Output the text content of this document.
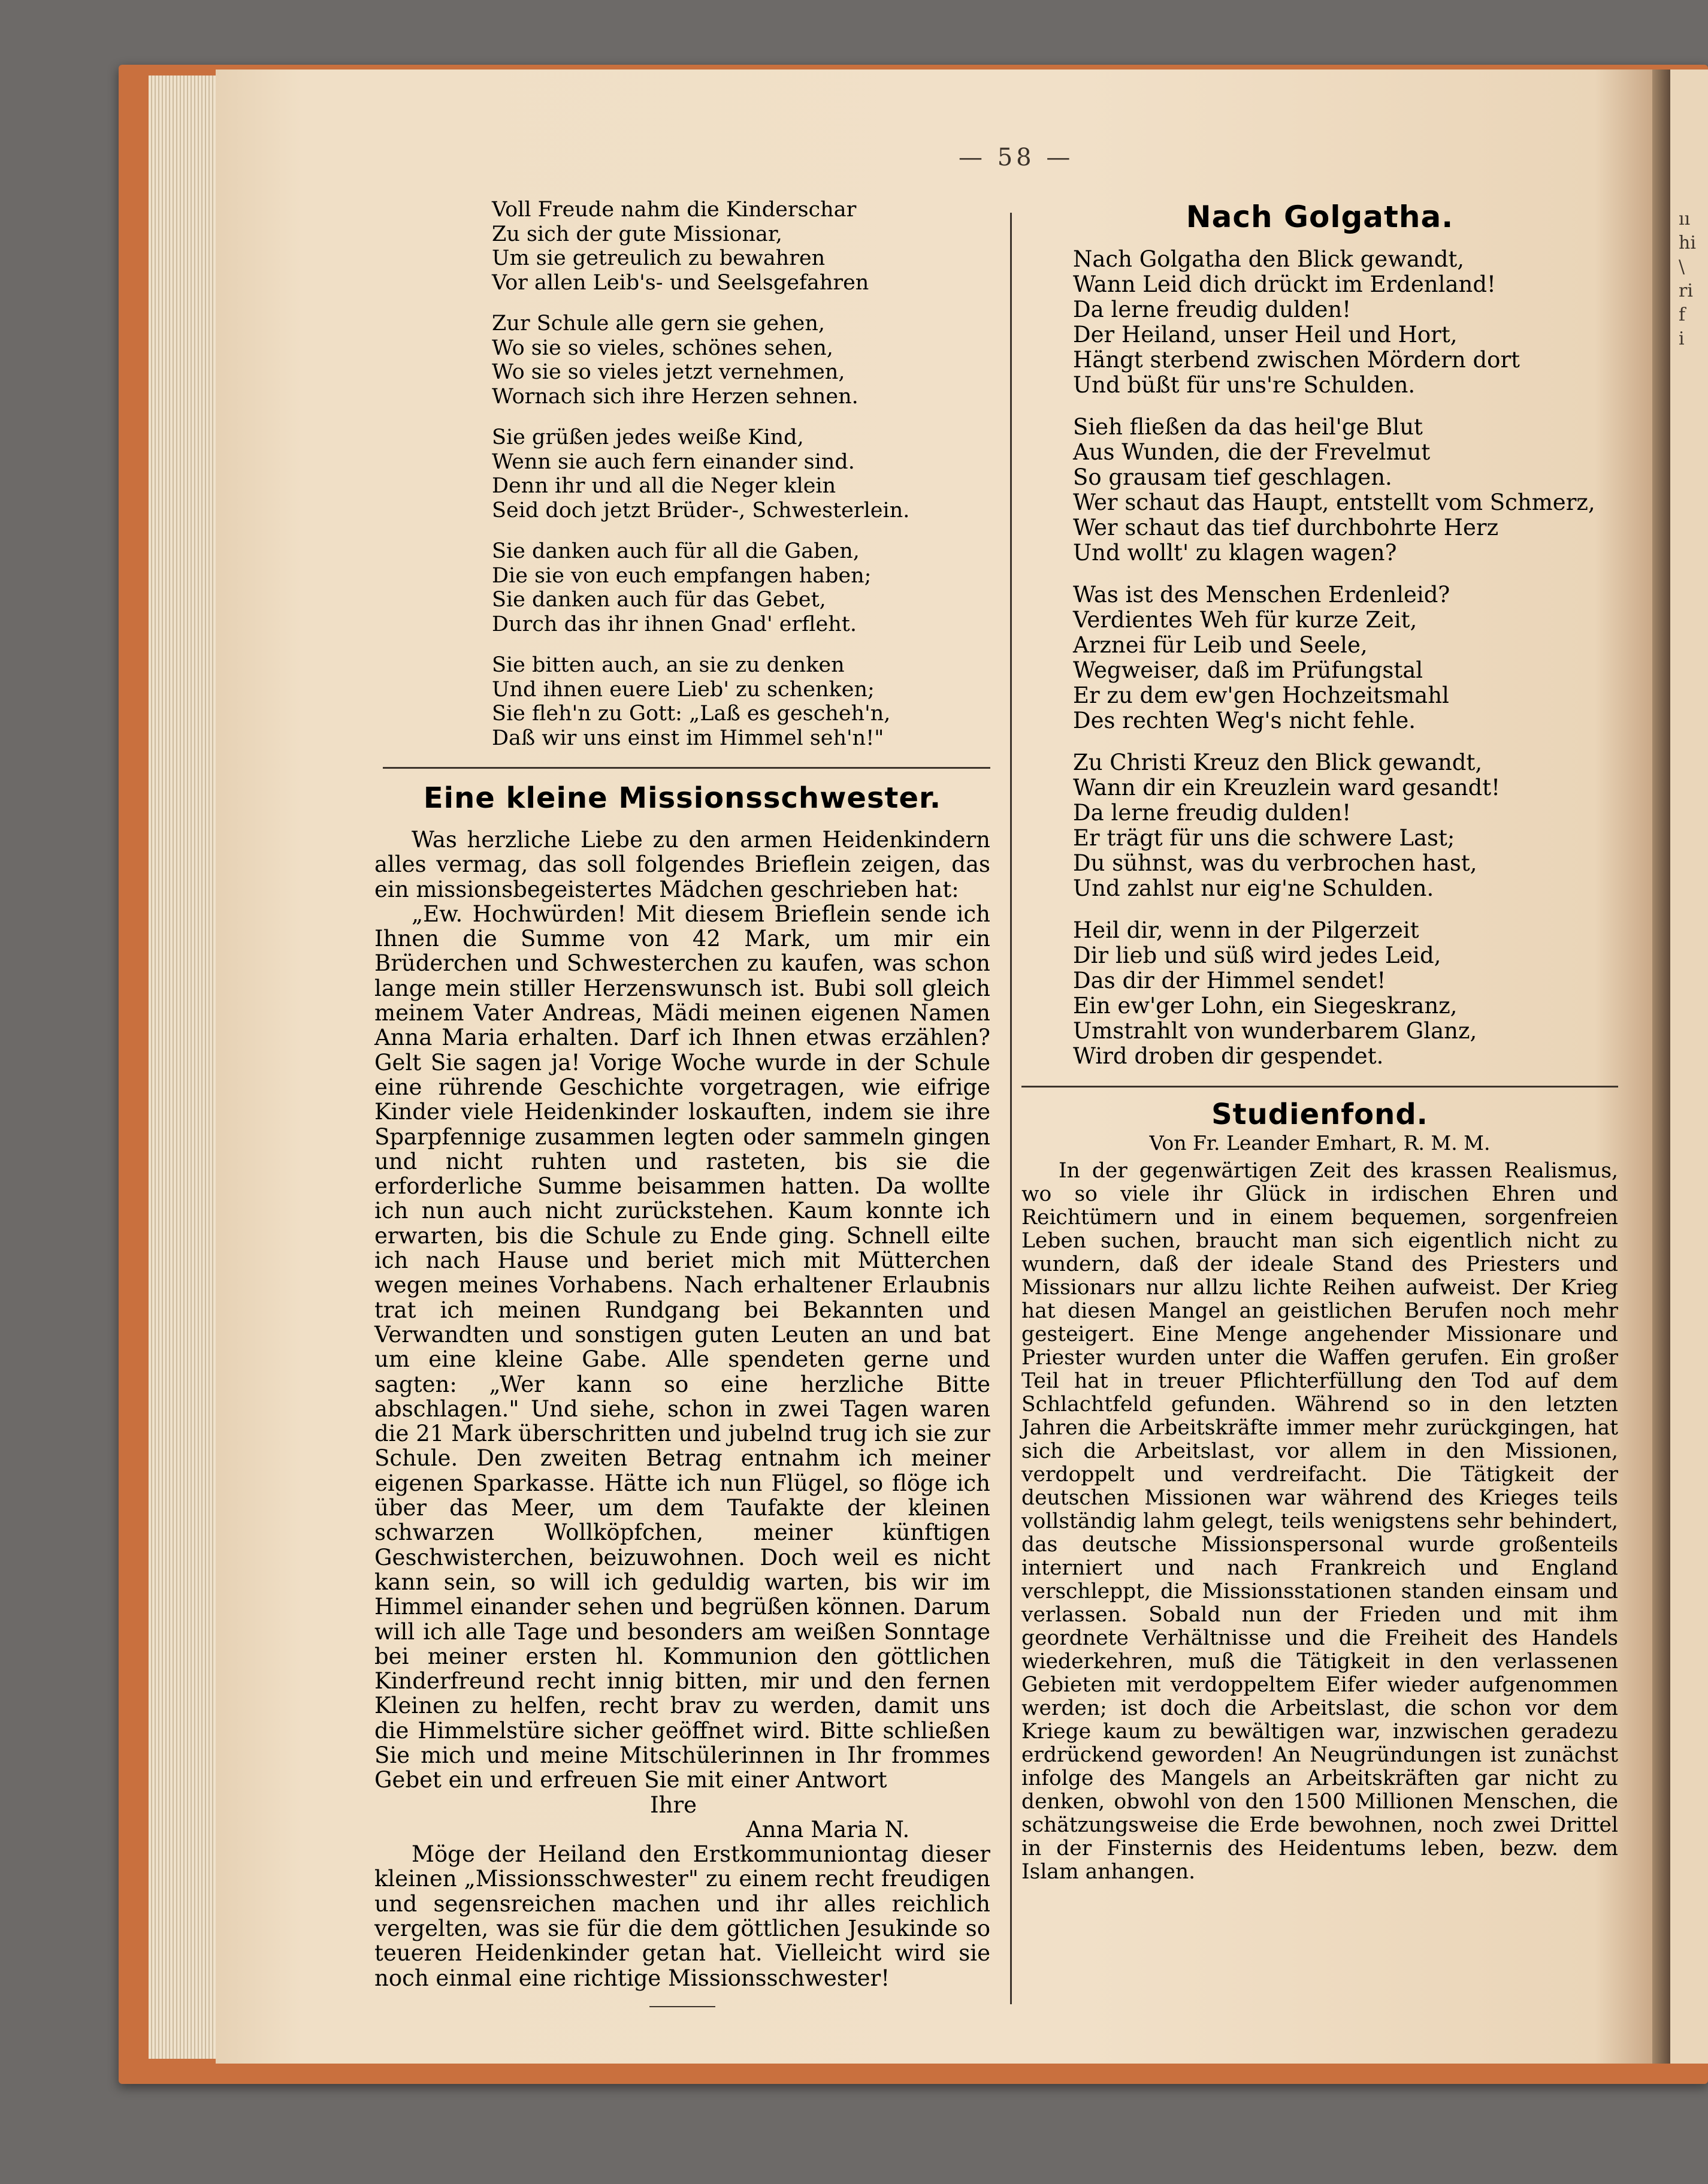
ıı
hi
\
ri
f
i
— 58 —
Voll Freude nahm die Kinderschar
Zu sich der gute Missionar,
Um sie getreulich zu bewahren
Vor allen Leib's- und Seelsgefahren
Zur Schule alle gern sie gehen,
Wo sie so vieles, schönes sehen,
Wo sie so vieles jetzt vernehmen,
Wornach sich ihre Herzen sehnen.
Sie grüßen jedes weiße Kind,
Wenn sie auch fern einander sind.
Denn ihr und all die Neger klein
Seid doch jetzt Brüder-, Schwesterlein.
Sie danken auch für all die Gaben,
Die sie von euch empfangen haben;
Sie danken auch für das Gebet,
Durch das ihr ihnen Gnad' erfleht.
Sie bitten auch, an sie zu denken
Und ihnen euere Lieb' zu schenken;
Sie fleh'n zu Gott: „Laß es gescheh'n,
Daß wir uns einst im Himmel seh'n!"
Eine kleine Missionsschwester.

Was herzliche Liebe zu den armen Heidenkindern alles vermag, das soll folgendes Brieflein zeigen, das ein missionsbegeistertes Mädchen geschrieben hat:

„Ew. Hochwürden! Mit diesem Brieflein sende ich Ihnen die Summe von 42 Mark, um mir ein Brüderchen und Schwesterchen zu kaufen, was schon lange mein stiller Herzenswunsch ist. Bubi soll gleich meinem Vater Andreas, Mädi meinen eigenen Namen Anna Maria erhalten. Darf ich Ihnen etwas erzählen? Gelt Sie sagen ja! Vorige Woche wurde in der Schule eine rührende Geschichte vorgetragen, wie eifrige Kinder viele Heidenkinder loskauften, indem sie ihre Sparpfennige zusammen legten oder sammeln gingen und nicht ruhten und rasteten, bis sie die erforderliche Summe beisammen hatten. Da wollte ich nun auch nicht zurückstehen. Kaum konnte ich erwarten, bis die Schule zu Ende ging. Schnell eilte ich nach Hause und beriet mich mit Mütterchen wegen meines Vorhabens. Nach erhaltener Erlaubnis trat ich meinen Rundgang bei Bekannten und Verwandten und sonstigen guten Leuten an und bat um eine kleine Gabe. Alle spendeten gerne und sagten: „Wer kann so eine herzliche Bitte abschlagen." Und siehe, schon in zwei Tagen waren die 21 Mark überschritten und jubelnd trug ich sie zur Schule. Den zweiten Betrag entnahm ich meiner eigenen Sparkasse. Hätte ich nun Flügel, so flöge ich über das Meer, um dem Taufakte der kleinen schwarzen Wollköpfchen, meiner künftigen Geschwisterchen, beizuwohnen. Doch weil es nicht kann sein, so will ich geduldig warten, bis wir im Himmel einander sehen und begrüßen können. Darum will ich alle Tage und besonders am weißen Sonntage bei meiner ersten hl. Kommunion den göttlichen Kinderfreund recht innig bitten, mir und den fernen Kleinen zu helfen, recht brav zu werden, damit uns die Himmelstüre sicher geöffnet wird. Bitte schließen Sie mich und meine Mitschülerinnen in Ihr frommes Gebet ein und erfreuen Sie mit einer Antwort

Ihre

Anna Maria N.

Möge der Heiland den Erstkommuniontag dieser kleinen „Missionsschwester" zu einem recht freudigen und segensreichen machen und ihr alles reichlich vergelten, was sie für die dem göttlichen Jesukinde so teueren Heidenkinder getan hat. Vielleicht wird sie noch einmal eine richtige Missionsschwester!

Nach Golgatha.
Nach Golgatha den Blick gewandt,
Wann Leid dich drückt im Erdenland!
Da lerne freudig dulden!
Der Heiland, unser Heil und Hort,
Hängt sterbend zwischen Mördern dort
Und büßt für uns're Schulden.
Sieh fließen da das heil'ge Blut
Aus Wunden, die der Frevelmut
So grausam tief geschlagen.
Wer schaut das Haupt, entstellt vom Schmerz,
Wer schaut das tief durchbohrte Herz
Und wollt' zu klagen wagen?
Was ist des Menschen Erdenleid?
Verdientes Weh für kurze Zeit,
Arznei für Leib und Seele,
Wegweiser, daß im Prüfungstal
Er zu dem ew'gen Hochzeitsmahl
Des rechten Weg's nicht fehle.
Zu Christi Kreuz den Blick gewandt,
Wann dir ein Kreuzlein ward gesandt!
Da lerne freudig dulden!
Er trägt für uns die schwere Last;
Du sühnst, was du verbrochen hast,
Und zahlst nur eig'ne Schulden.
Heil dir, wenn in der Pilgerzeit
Dir lieb und süß wird jedes Leid,
Das dir der Himmel sendet!
Ein ew'ger Lohn, ein Siegeskranz,
Umstrahlt von wunderbarem Glanz,
Wird droben dir gespendet.
Studienfond.
Von Fr. Leander Emhart, R. M. M.

In der gegenwärtigen Zeit des krassen Realismus, wo so viele ihr Glück in irdischen Ehren und Reichtümern und in einem bequemen, sorgenfreien Leben suchen, braucht man sich eigentlich nicht zu wundern, daß der ideale Stand des Priesters und Missionars nur allzu lichte Reihen aufweist. Der Krieg hat diesen Mangel an geistlichen Berufen noch mehr gesteigert. Eine Menge angehender Missionare und Priester wurden unter die Waffen gerufen. Ein großer Teil hat in treuer Pflichterfüllung den Tod auf dem Schlachtfeld gefunden. Während so in den letzten Jahren die Arbeitskräfte immer mehr zurückgingen, hat sich die Arbeitslast, vor allem in den Missionen, verdoppelt und verdreifacht. Die Tätigkeit der deutschen Missionen war während des Krieges teils vollständig lahm gelegt, teils wenigstens sehr behindert, das deutsche Missionspersonal wurde großenteils interniert und nach Frankreich und England verschleppt, die Missionsstationen standen einsam und verlassen. Sobald nun der Frieden und mit ihm geordnete Verhältnisse und die Freiheit des Handels wiederkehren, muß die Tätigkeit in den verlassenen Gebieten mit verdoppeltem Eifer wieder aufgenommen werden; ist doch die Arbeitslast, die schon vor dem Kriege kaum zu bewältigen war, inzwischen geradezu erdrückend geworden! An Neugründungen ist zunächst infolge des Mangels an Arbeitskräften gar nicht zu denken, obwohl von den 1500 Millionen Menschen, die schätzungsweise die Erde bewohnen, noch zwei Drittel in der Finsternis des Heidentums leben, bezw. dem Islam anhangen.
